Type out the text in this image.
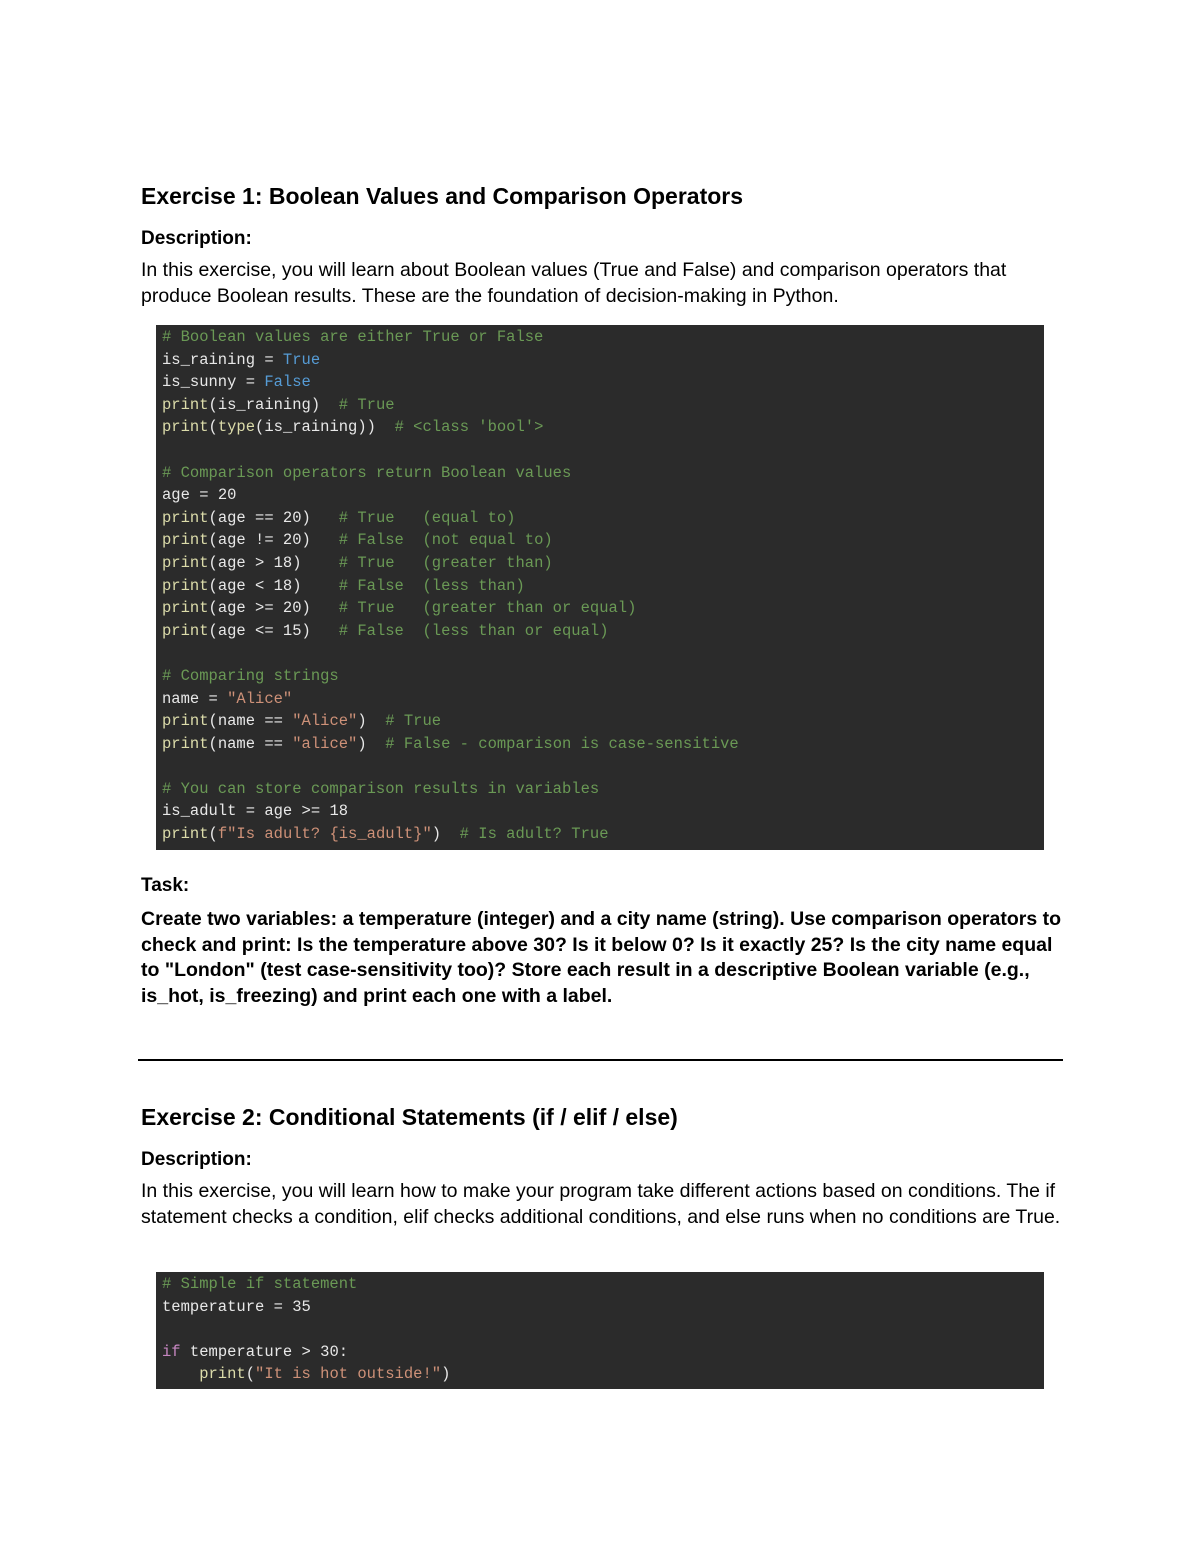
Exercise 1: Boolean Values and Comparison Operators

Description:

In this exercise, you will learn about Boolean values (True and False) and comparison operators that produce Boolean results. These are the foundation of decision-making in Python.

# Boolean values are either True or False
is_raining = True
is_sunny = False
print(is_raining)  # True
print(type(is_raining))  # <class 'bool'>

# Comparison operators return Boolean values
age = 20
print(age == 20)   # True   (equal to)
print(age != 20)   # False  (not equal to)
print(age > 18)    # True   (greater than)
print(age < 18)    # False  (less than)
print(age >= 20)   # True   (greater than or equal)
print(age <= 15)   # False  (less than or equal)

# Comparing strings
name = "Alice"
print(name == "Alice")  # True
print(name == "alice")  # False - comparison is case-sensitive

# You can store comparison results in variables
is_adult = age >= 18
print(f"Is adult? {is_adult}")  # Is adult? True

Task:

Create two variables: a temperature (integer) and a city name (string). Use comparison operators to check and print: Is the temperature above 30? Is it below 0? Is it exactly 25? Is the city name equal to "London" (test case-sensitivity too)? Store each result in a descriptive Boolean variable (e.g., is_hot, is_freezing) and print each one with a label.

Exercise 2: Conditional Statements (if / elif / else)

Description:

In this exercise, you will learn how to make your program take different actions based on conditions. The if statement checks a condition, elif checks additional conditions, and else runs when no conditions are True.

# Simple if statement
temperature = 35

if temperature > 30:
print("It is hot outside!")
